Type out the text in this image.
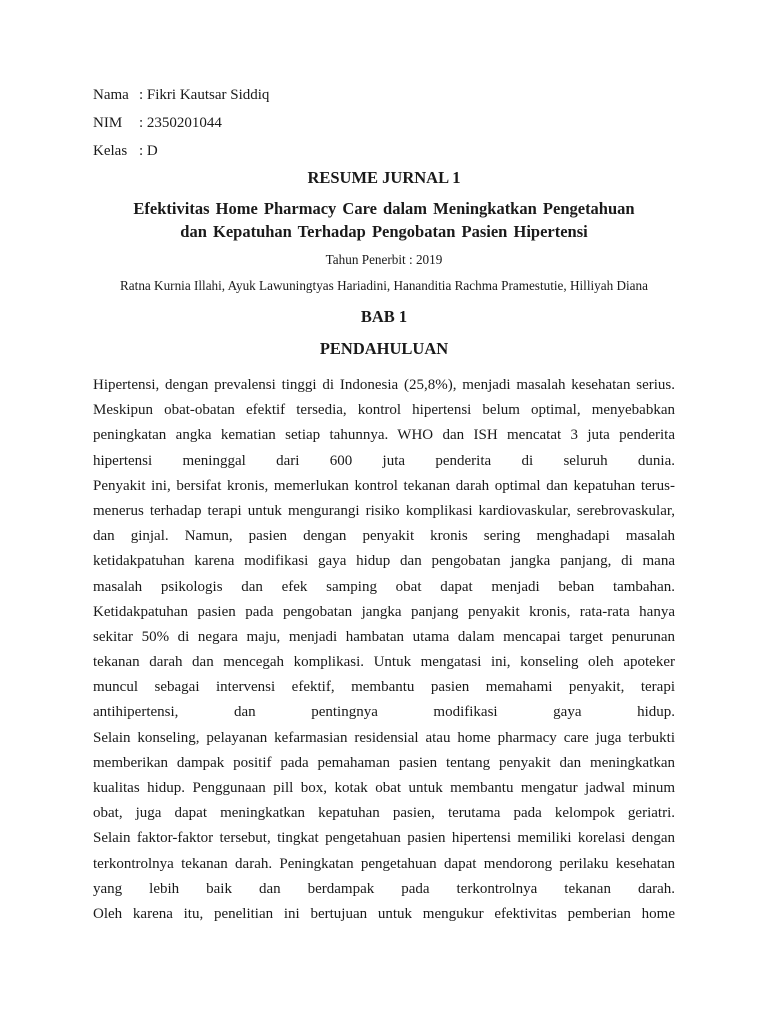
Nama : Fikri Kautsar Siddiq
NIM	: 2350201044
Kelas : D
RESUME JURNAL 1
Efektivitas Home Pharmacy Care dalam Meningkatkan Pengetahuan
dan Kepatuhan Terhadap Pengobatan Pasien Hipertensi
Tahun Penerbit : 2019
Ratna Kurnia Illahi, Ayuk Lawuningtyas Hariadini, Hananditia Rachma Pramestutie, Hilliyah Diana
BAB 1
PENDAHULUAN
Hipertensi, dengan prevalensi tinggi di Indonesia (25,8%), menjadi masalah kesehatan serius.
Meskipun obat-obatan efektif tersedia, kontrol hipertensi belum optimal, menyebabkan
peningkatan angka kematian setiap tahunnya. WHO dan ISH mencatat 3 juta penderita
hipertensi meninggal dari 600 juta penderita di seluruh dunia.
Penyakit ini, bersifat kronis, memerlukan kontrol tekanan darah optimal dan kepatuhan terus-
menerus terhadap terapi untuk mengurangi risiko komplikasi kardiovaskular, serebrovaskular,
dan ginjal. Namun, pasien dengan penyakit kronis sering menghadapi masalah
ketidakpatuhan karena modifikasi gaya hidup dan pengobatan jangka panjang, di mana
masalah psikologis dan efek samping obat dapat menjadi beban tambahan.
Ketidakpatuhan pasien pada pengobatan jangka panjang penyakit kronis, rata-rata hanya
sekitar 50% di negara maju, menjadi hambatan utama dalam mencapai target penurunan
tekanan darah dan mencegah komplikasi. Untuk mengatasi ini, konseling oleh apoteker
muncul sebagai intervensi efektif, membantu pasien memahami penyakit, terapi
antihipertensi, dan pentingnya modifikasi gaya hidup.
Selain konseling, pelayanan kefarmasian residensial atau home pharmacy care juga terbukti
memberikan dampak positif pada pemahaman pasien tentang penyakit dan meningkatkan
kualitas hidup. Penggunaan pill box, kotak obat untuk membantu mengatur jadwal minum
obat, juga dapat meningkatkan kepatuhan pasien, terutama pada kelompok geriatri.
Selain faktor-faktor tersebut, tingkat pengetahuan pasien hipertensi memiliki korelasi dengan
terkontrolnya tekanan darah. Peningkatan pengetahuan dapat mendorong perilaku kesehatan
yang lebih baik dan berdampak pada terkontrolnya tekanan darah.
Oleh karena itu, penelitian ini bertujuan untuk mengukur efektivitas pemberian home
